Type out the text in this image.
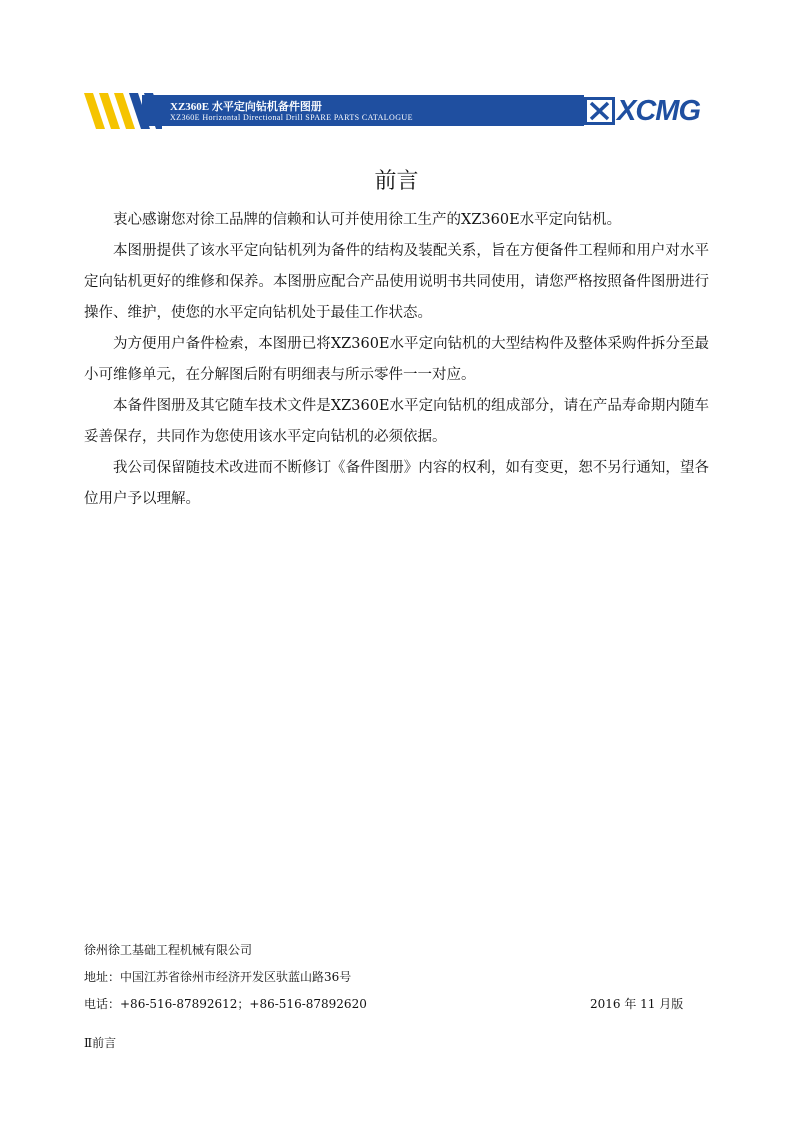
XZ360E 水平定向钻机备件图册
XZ360E Horizontal Directional Drill SPARE PARTS CATALOGUE	XCMG
前言

衷心感谢您对徐工品牌的信赖和认可并使用徐工生产的XZ360E水平定向钻机。

本图册提供了该水平定向钻机列为备件的结构及装配关系，旨在方便备件工程师和用户对水平定向钻机更好的维修和保养。本图册应配合产品使用说明书共同使用，请您严格按照备件图册进行操作、维护，使您的水平定向钻机处于最佳工作状态。

为方便用户备件检索，本图册已将XZ360E水平定向钻机的大型结构件及整体采购件拆分至最小可维修单元，在分解图后附有明细表与所示零件一一对应。

本备件图册及其它随车技术文件是XZ360E水平定向钻机的组成部分，请在产品寿命期内随车妥善保存，共同作为您使用该水平定向钻机的必须依据。

我公司保留随技术改进而不断修订《备件图册》内容的权利，如有变更，恕不另行通知，望各位用户予以理解。

徐州徐工基础工程机械有限公司
地址：中国江苏省徐州市经济开发区驮蓝山路36号
电话：+86-516-87892612；+86-516-87892620	2016 年 11 月版
Ⅱ前言
